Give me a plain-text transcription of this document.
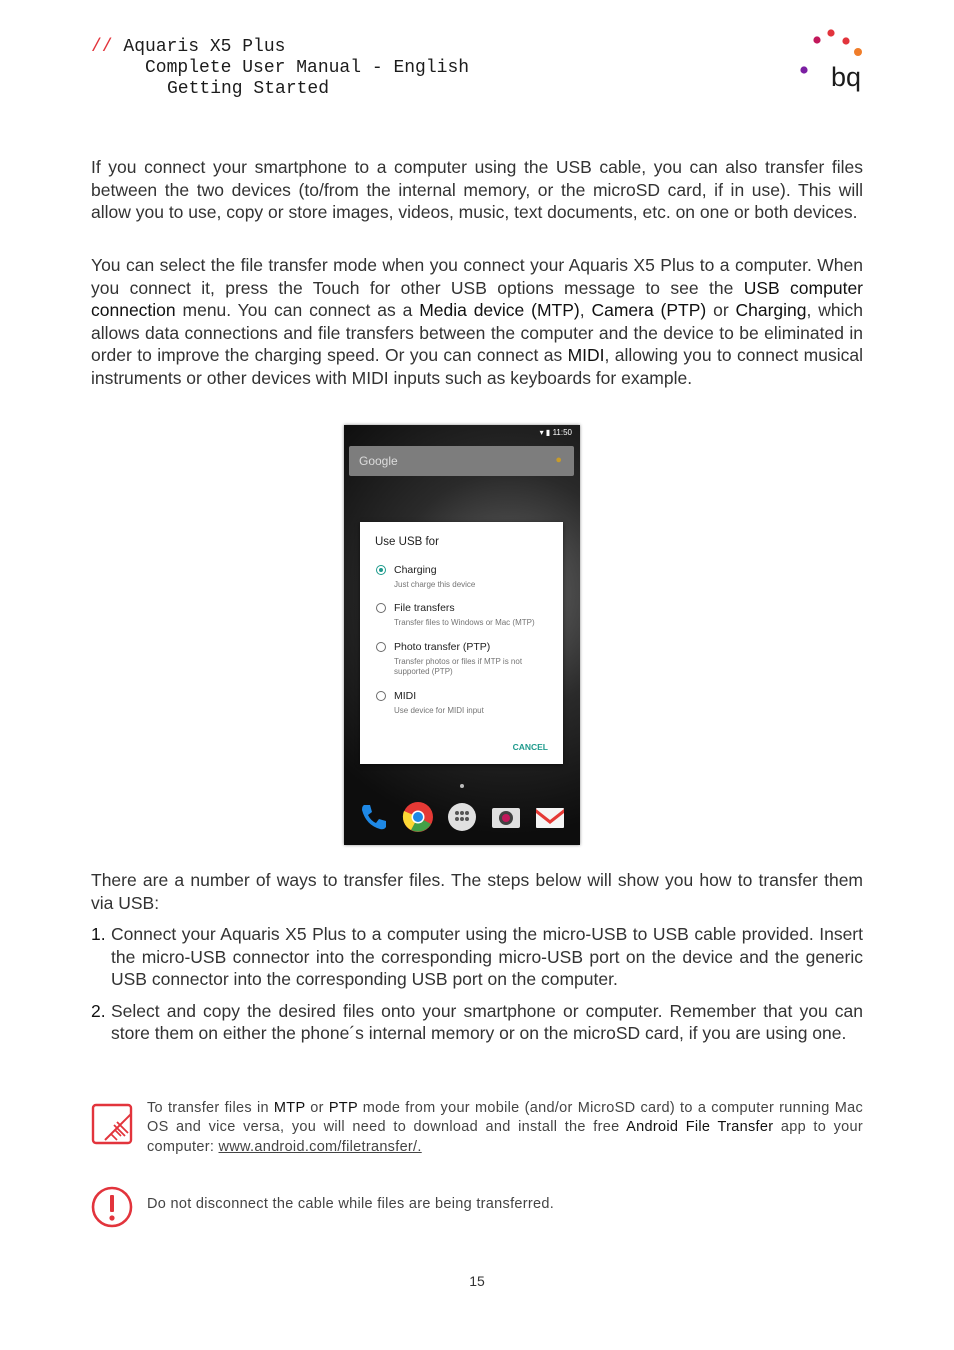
// Aquaris X5 Plus
Complete User Manual - English
Getting Started	bq
If you connect your smartphone to a computer using the USB cable, you can also transfer files between the two devices (to/from the internal memory, or the microSD card, if in use). This will allow you to use, copy or store images, videos, music, text documents, etc. on one or both devices.
You can select the file transfer mode when you connect your Aquaris X5 Plus to a computer. When you connect it, press the Touch for other USB options message to see the USB computer connection menu. You can connect as a Media device (MTP), Camera (PTP) or Charging, which allows data connections and file transfers between the computer and the device to be eliminated in order to improve the charging speed. Or you can connect as MIDI, allowing you to connect musical instruments or other devices with MIDI inputs such as keyboards for example.
▾ ▮ 11:50
Google	●
Use USB for
Charging
Just charge this device
File transfers
Transfer files to Windows or Mac (MTP)
Photo transfer (PTP)
Transfer photos or files if MTP is not supported (PTP)
MIDI
Use device for MIDI input
CANCEL
There are a number of ways to transfer files. The steps below will show you how to transfer them via USB:
1. Connect your Aquaris X5 Plus to a computer using the micro-USB to USB cable provided. Insert the micro-USB connector into the corresponding micro-USB port on the device and the generic USB connector into the corresponding USB port on the computer.
2. Select and copy the desired files onto your smartphone or computer. Remember that you can store them on either the phone´s internal memory or on the microSD card, if you are using one.
To transfer files in MTP or PTP mode from your mobile (and/or MicroSD card) to a computer running Mac OS and vice versa, you will need to download and install the free Android File Transfer app to your computer: www.android.com/filetransfer/.
Do not disconnect the cable while files are being transferred.
15
